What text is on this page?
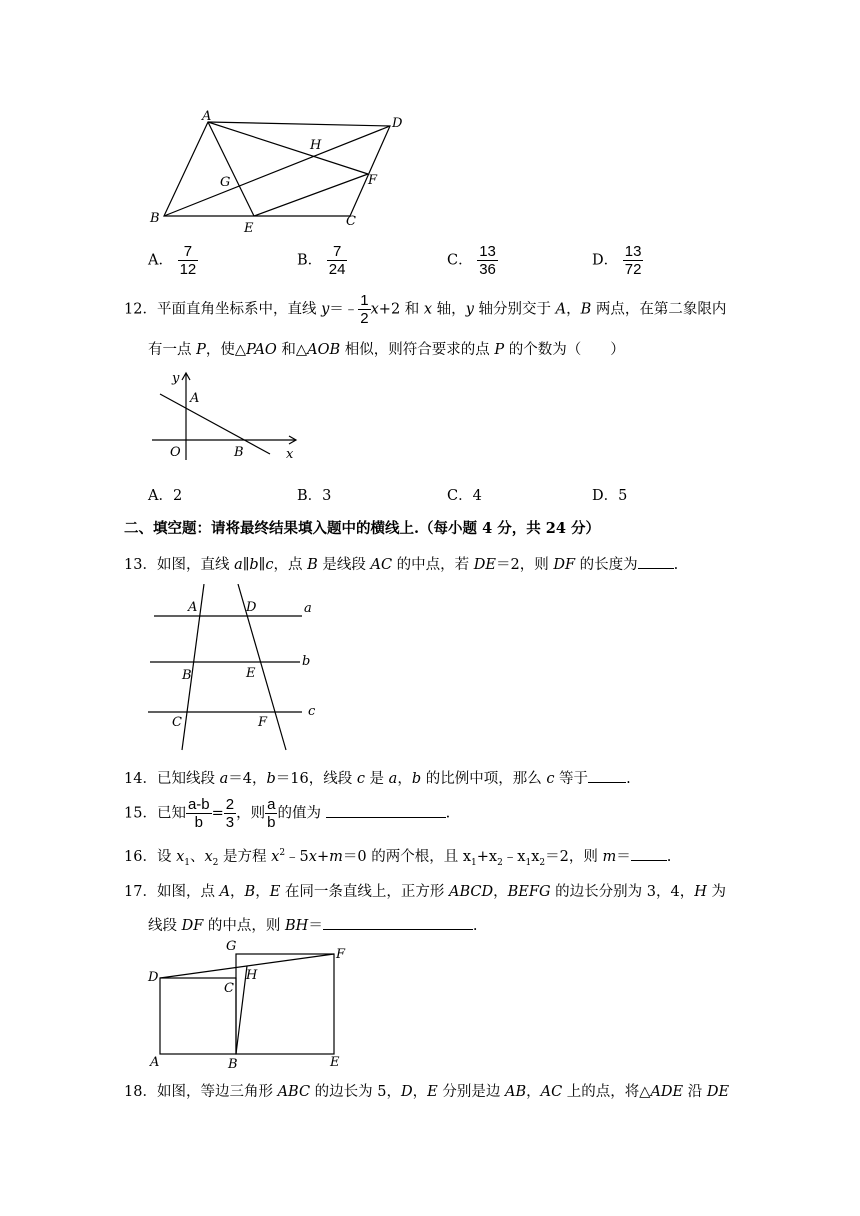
A	D
H
G	F
B
E	C
A． $\frac{7}{12}$	B． $\frac{7}{24}$	C． $\frac{13}{36}$	D． $\frac{13}{72}$
12．平面直角坐标系中，直线 y＝﹣ $\frac{1}{2} x+2$ 和 x 轴，y 轴分别交于 A，B 两点，在第二象限内
有一点 P，使△PAO 和△AOB 相似，则符合要求的点 P 的个数为（　　）
y
A
O	B	x
A．2	B．3	C．4	D．5
二、填空题：请将最终结果填入题中的横线上.（每小题 4 分，共 24 分）
13．如图，直线 a∥b∥c，点 B 是线段 AC 的中点，若 DE＝2，则 DF 的长度为 .
A	D	a
B	E
b
C	F
c
14．已知线段 a＝4，b＝16，线段 c 是 a，b 的比例中项，那么 c 等于	.
15．已知 $\frac{a-b}{b} = \frac{2}{3}$ ，则 $\frac{a}{b}$ 的值为	.
16．设 $x_1$、$x_2$ 是方程 $x^2﹣5x+m=0$ 的两个根，且 $x_1+x_2﹣x_1x_2=2$，则 m＝ .
17．如图，点 A，B，E 在同一条直线上，正方形 ABCD，BEFG 的边长分别为 3，4，H 为
线段 DF 的中点，则 BH＝	.
G
F
D
C
H
A	B	E
18．如图，等边三角形 ABC 的边长为 5，D，E 分别是边 AB，AC 上的点，将△ADE 沿 DE
